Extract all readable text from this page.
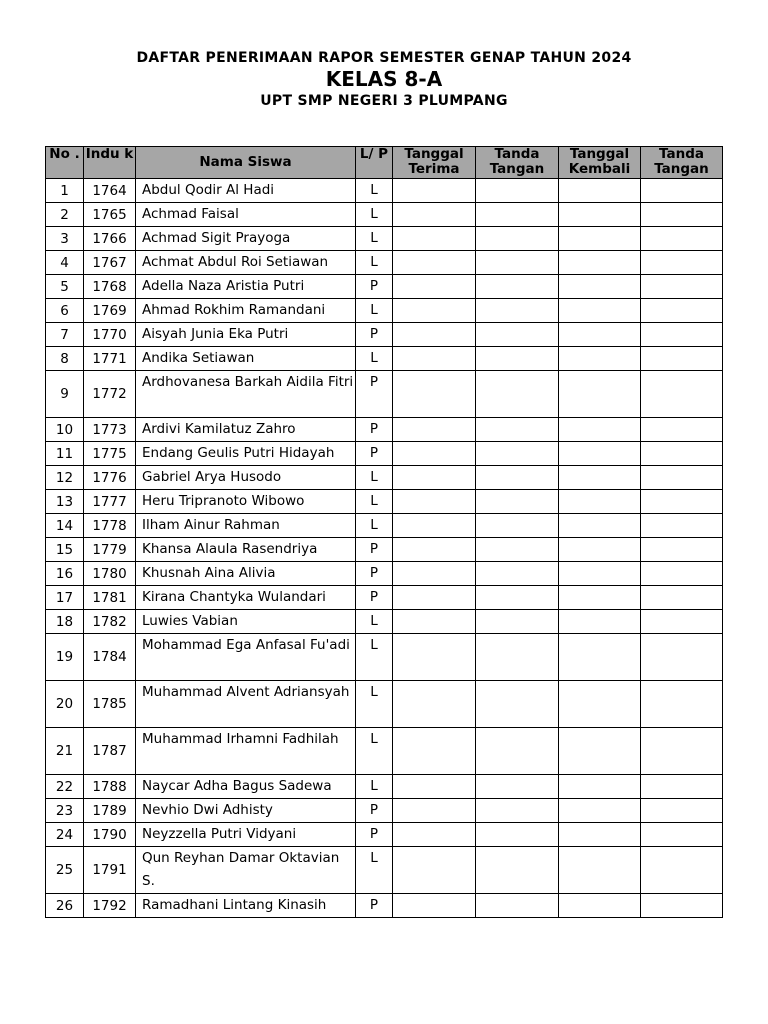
DAFTAR PENERIMAAN RAPOR SEMESTER GENAP TAHUN 2024
KELAS 8-A
UPT SMP NEGERI 3 PLUMPANG
No .	Indu k	Nama Siswa	L/ P	Tanggal Terima	Tanda Tangan	Tanggal Kembali	Tanda Tangan
1	1764	Abdul Qodir Al Hadi	L				
2	1765	Achmad Faisal	L				
3	1766	Achmad Sigit Prayoga	L				
4	1767	Achmat Abdul Roi Setiawan	L				
5	1768	Adella Naza Aristia Putri	P				
6	1769	Ahmad Rokhim Ramandani	L				
7	1770	Aisyah Junia Eka Putri	P				
8	1771	Andika Setiawan	L				
9	1772	Ardhovanesa Barkah Aidila Fitri	P				
10	1773	Ardivi Kamilatuz Zahro	P				
11	1775	Endang Geulis Putri Hidayah	P				
12	1776	Gabriel Arya Husodo	L				
13	1777	Heru Tripranoto Wibowo	L				
14	1778	Ilham Ainur Rahman	L				
15	1779	Khansa Alaula Rasendriya	P				
16	1780	Khusnah Aina Alivia	P				
17	1781	Kirana Chantyka Wulandari	P				
18	1782	Luwies Vabian	L				
19	1784	Mohammad Ega Anfasal Fu'adi	L				
20	1785	Muhammad Alvent Adriansyah	L				
21	1787	Muhammad Irhamni Fadhilah	L				
22	1788	Naycar Adha Bagus Sadewa	L				
23	1789	Nevhio Dwi Adhisty	P				
24	1790	Neyzzella Putri Vidyani	P				
25	1791	Qun Reyhan Damar Oktavian S.	L				
26	1792	Ramadhani Lintang Kinasih	P				
